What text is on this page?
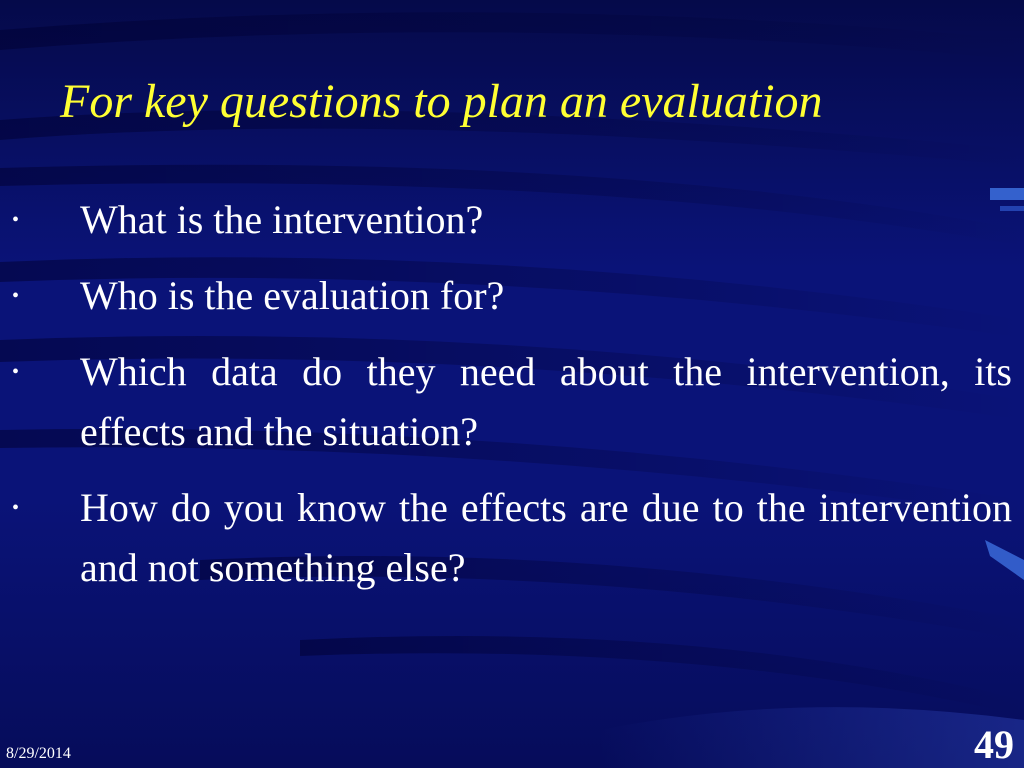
For key questions to plan an evaluation
• What is the intervention?
• Who is the evaluation for?
• Which data do they need about the intervention, its effects and the situation?
• How do you know the effects are due to the intervention and not something else?
8/29/2014	49
